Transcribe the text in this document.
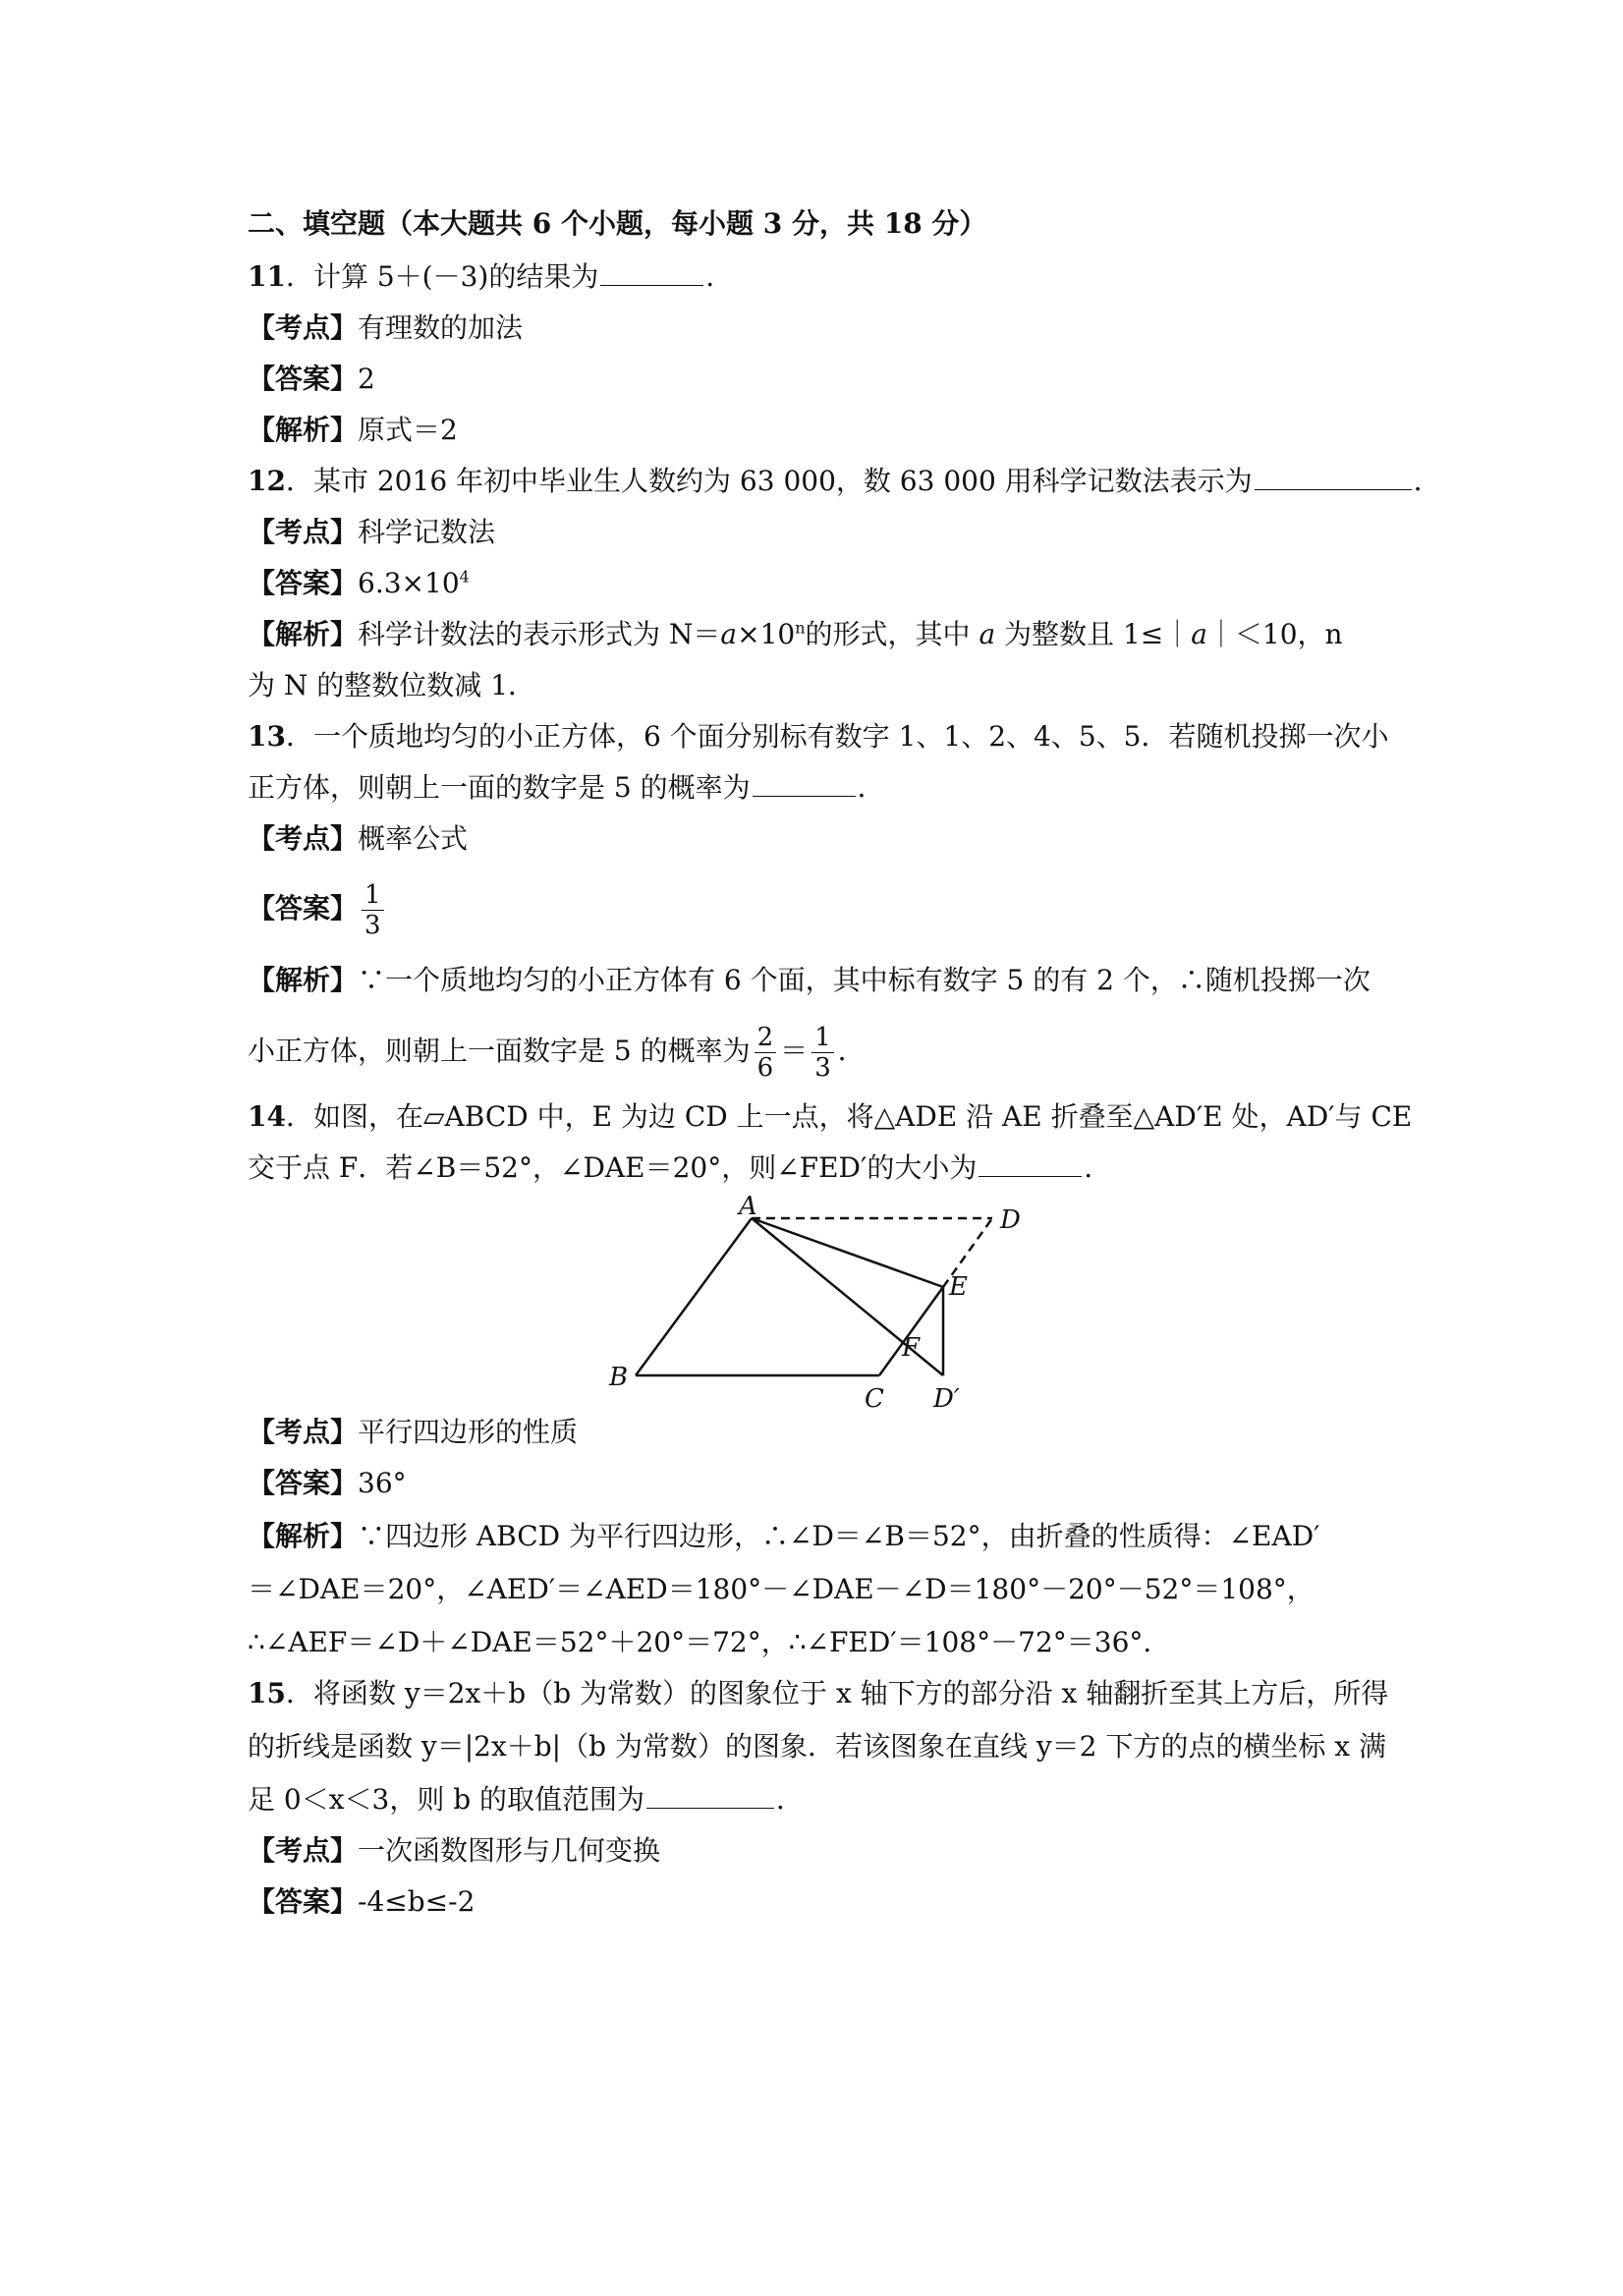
二、填空题（本大题共 6 个小题，每小题 3 分，共 18 分）
11．计算 5＋(－3)的结果为	．
【考点】有理数的加法
【答案】2
【解析】原式＝2
12．某市 2016 年初中毕业生人数约为 63 000，数 63 000 用科学记数法表示为	．
【考点】科学记数法
【答案】$6.3\times 10^4$
【解析】科学计数法的表示形式为 $N=a\times 10^n$的形式，其中 a 为整数且 1≤｜a｜＜10，n
为 N 的整数位数减 1．
13．一个质地均匀的小正方体，6 个面分别标有数字 1、1、2、4、5、5．若随机投掷一次小
正方体，则朝上一面的数字是 5 的概率为	．
【考点】概率公式
【答案】 $\frac{1}{3}$
【解析】∵一个质地均匀的小正方体有 6 个面，其中标有数字 5 的有 2 个，∴随机投掷一次
小正方体，则朝上一面数字是 5 的概率为 $\frac{2}{6} = \frac{1}{3}$ ．
14．如图，在▱ABCD 中，E 为边 CD 上一点，将△ADE 沿 AE 折叠至△AD′E 处，AD′与 CE
交于点 F．若∠B＝52°，∠DAE＝20°，则∠FED′的大小为	．
A	D
E
F
B
C D′
【考点】平行四边形的性质
【答案】36°
【解析】∵四边形 ABCD 为平行四边形，∴∠D＝∠B＝52°，由折叠的性质得：∠EAD′
＝∠DAE＝20°，∠AED′＝∠AED＝180°－∠DAE－∠D＝180°－20°－52°＝108°，
∴∠AEF＝∠D＋∠DAE＝52°＋20°＝72°，∴∠FED′＝108°－72°＝36°．
15．将函数 y＝2x＋b（b 为常数）的图象位于 x 轴下方的部分沿 x 轴翻折至其上方后，所得
的折线是函数 y＝|2x＋b|（b 为常数）的图象．若该图象在直线 y＝2 下方的点的横坐标 x 满
足 0＜x＜3，则 b 的取值范围为	．
【考点】一次函数图形与几何变换
【答案】-4≤b≤-2
